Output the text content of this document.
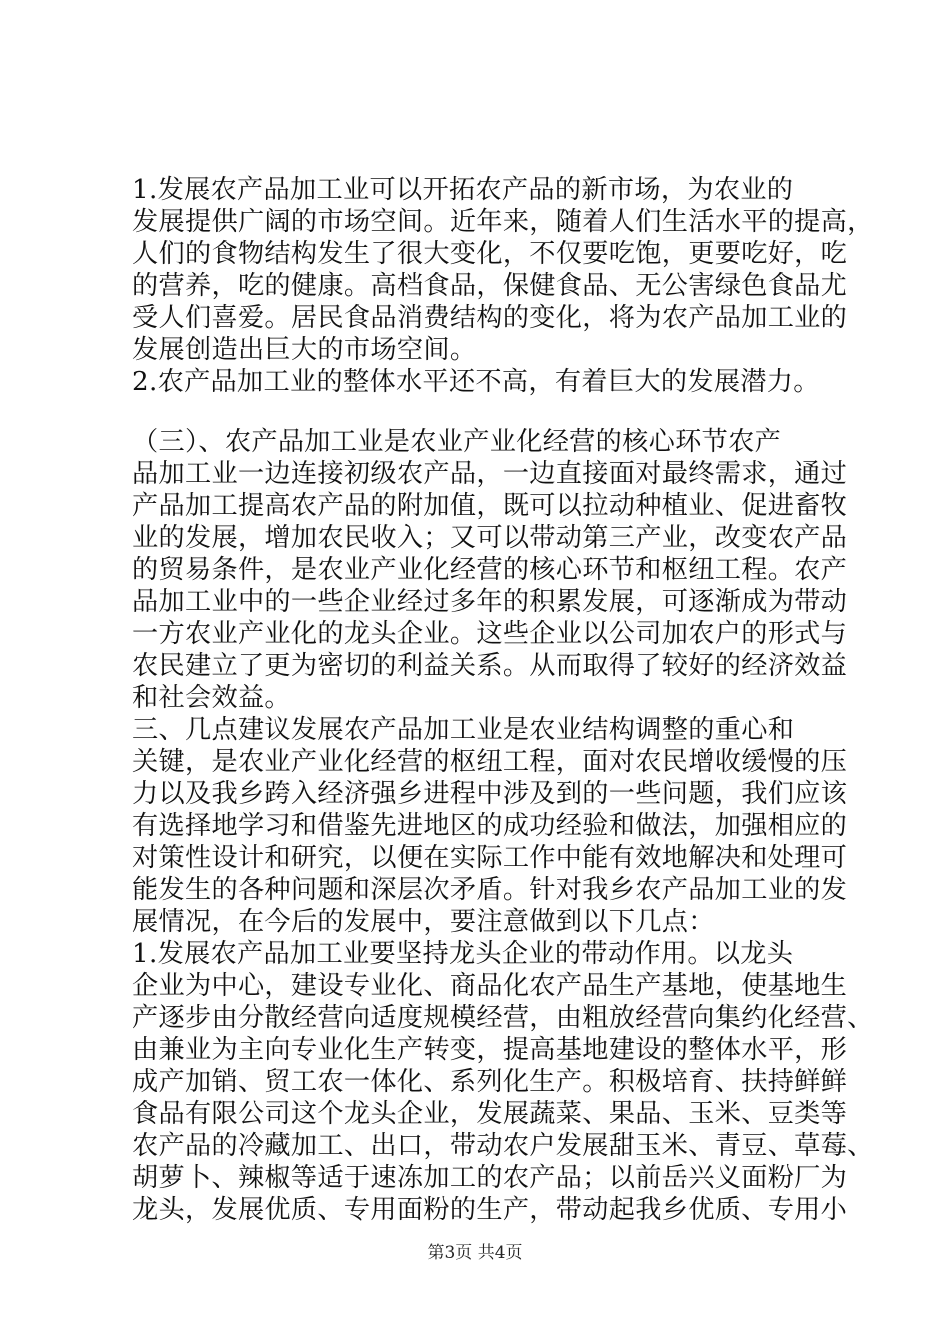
1.发展农产品加工业可以开拓农产品的新市场，为农业的
发展提供广阔的市场空间。近年来，随着人们生活水平的提高，
人们的食物结构发生了很大变化，不仅要吃饱，更要吃好，吃
的营养，吃的健康。高档食品，保健食品、无公害绿色食品尤
受人们喜爱。居民食品消费结构的变化，将为农产品加工业的
发展创造出巨大的市场空间。
2.农产品加工业的整体水平还不高，有着巨大的发展潜力。
（三）、农产品加工业是农业产业化经营的核心环节农产
品加工业一边连接初级农产品，一边直接面对最终需求，通过
产品加工提高农产品的附加值，既可以拉动种植业、促进畜牧
业的发展，增加农民收入；又可以带动第三产业，改变农产品
的贸易条件，是农业产业化经营的核心环节和枢纽工程。农产
品加工业中的一些企业经过多年的积累发展，可逐渐成为带动
一方农业产业化的龙头企业。这些企业以公司加农户的形式与
农民建立了更为密切的利益关系。从而取得了较好的经济效益
和社会效益。
三、几点建议发展农产品加工业是农业结构调整的重心和
关键，是农业产业化经营的枢纽工程，面对农民增收缓慢的压
力以及我乡跨入经济强乡进程中涉及到的一些问题，我们应该
有选择地学习和借鉴先进地区的成功经验和做法，加强相应的
对策性设计和研究，以便在实际工作中能有效地解决和处理可
能发生的各种问题和深层次矛盾。针对我乡农产品加工业的发
展情况，在今后的发展中，要注意做到以下几点：
1.发展农产品加工业要坚持龙头企业的带动作用。以龙头
企业为中心，建设专业化、商品化农产品生产基地，使基地生
产逐步由分散经营向适度规模经营，由粗放经营向集约化经营、
由兼业为主向专业化生产转变，提高基地建设的整体水平，形
成产加销、贸工农一体化、系列化生产。积极培育、扶持鲜鲜
食品有限公司这个龙头企业，发展蔬菜、果品、玉米、豆类等
农产品的冷藏加工、出口，带动农户发展甜玉米、青豆、草莓、
胡萝卜、辣椒等适于速冻加工的农产品；以前岳兴义面粉厂为
龙头，发展优质、专用面粉的生产，带动起我乡优质、专用小
第3页 共4页
